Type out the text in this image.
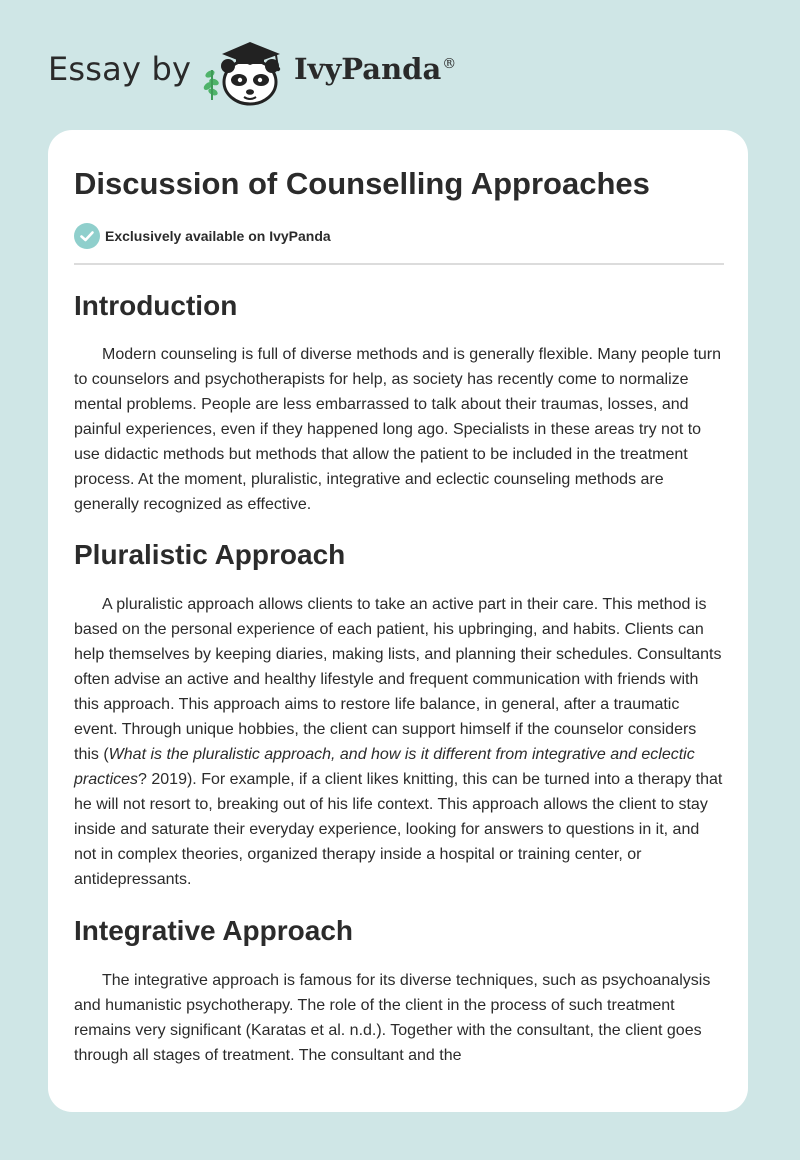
Essay by	IvyPanda®
Discussion of Counselling Approaches
Exclusively available on IvyPanda
Introduction

Modern counseling is full of diverse methods and is generally flexible. Many people turn to counselors and psychotherapists for help, as society has recently come to normalize mental problems. People are less embarrassed to talk about their traumas, losses, and painful experiences, even if they happened long ago. Specialists in these areas try not to use didactic methods but methods that allow the patient to be included in the treatment process. At the moment, pluralistic, integrative and eclectic counseling methods are generally recognized as effective.

Pluralistic Approach

A pluralistic approach allows clients to take an active part in their care. This method is based on the personal experience of each patient, his upbringing, and habits. Clients can help themselves by keeping diaries, making lists, and planning their schedules. Consultants often advise an active and healthy lifestyle and frequent communication with friends with this approach. This approach aims to restore life balance, in general, after a traumatic event. Through unique hobbies, the client can support himself if the counselor considers this (What is the pluralistic approach, and how is it different from integrative and eclectic practices? 2019). For example, if a client likes knitting, this can be turned into a therapy that he will not resort to, breaking out of his life context. This approach allows the client to stay inside and saturate their everyday experience, looking for answers to questions in it, and not in complex theories, organized therapy inside a hospital or training center, or antidepressants.

Integrative Approach

The integrative approach is famous for its diverse techniques, such as psychoanalysis and humanistic psychotherapy. The role of the client in the process of such treatment remains very significant (Karatas et al. n.d.). Together with the consultant, the client goes through all stages of treatment. The consultant and the
